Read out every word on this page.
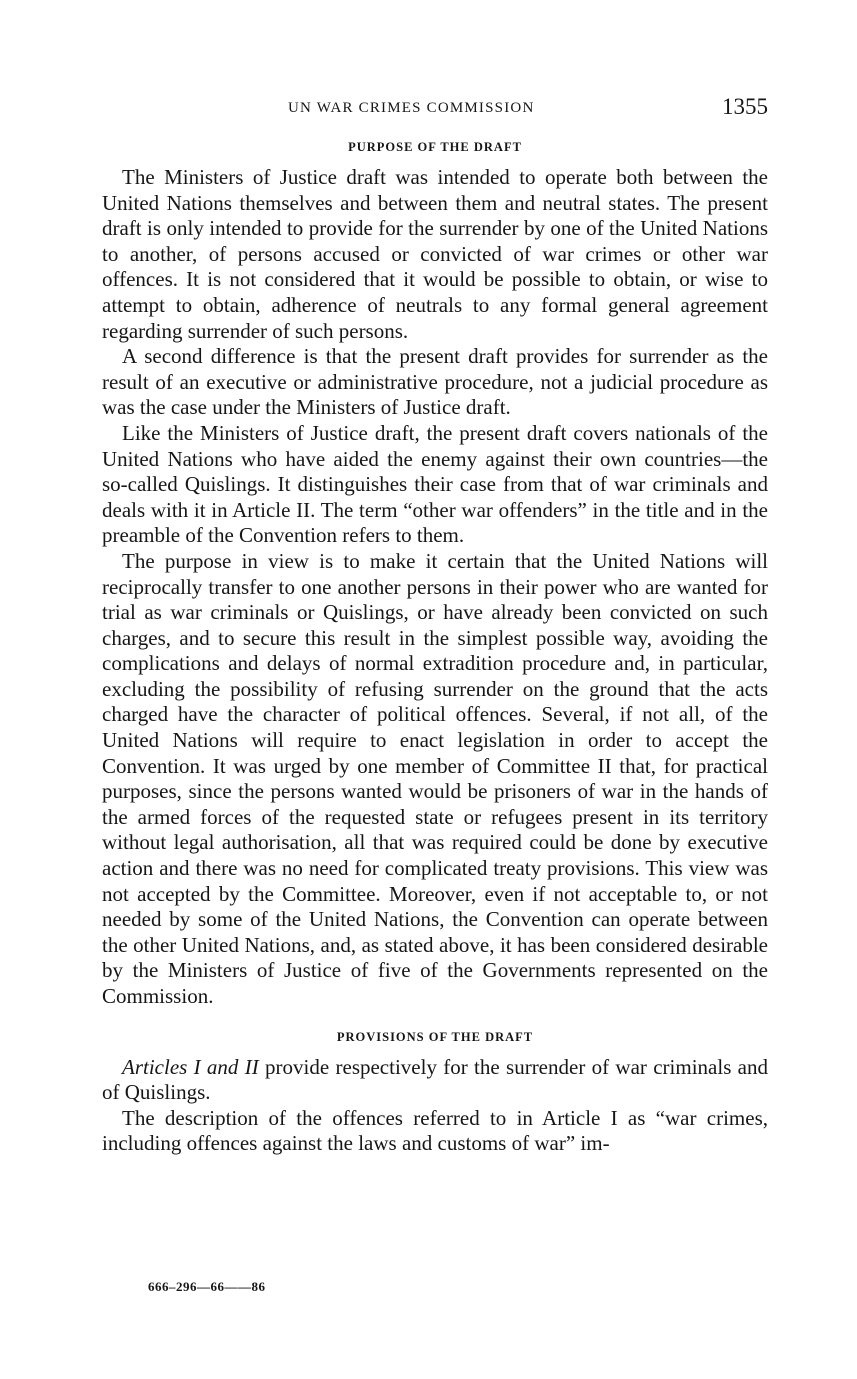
UN WAR CRIMES COMMISSION	1355
PURPOSE OF THE DRAFT

The Ministers of Justice draft was intended to operate both between the United Nations themselves and between them and neutral states. The present draft is only intended to provide for the surrender by one of the United Nations to another, of persons accused or convicted of war crimes or other war offences. It is not considered that it would be possible to obtain, or wise to attempt to obtain, adherence of neutrals to any formal general agreement regarding surrender of such persons.

A second difference is that the present draft provides for surrender as the result of an executive or administrative procedure, not a judicial procedure as was the case under the Ministers of Justice draft.

Like the Ministers of Justice draft, the present draft covers nationals of the United Nations who have aided the enemy against their own countries—the so-called Quislings. It distinguishes their case from that of war criminals and deals with it in Article II. The term “other war offenders” in the title and in the preamble of the Convention refers to them.

The purpose in view is to make it certain that the United Nations will reciprocally transfer to one another persons in their power who are wanted for trial as war criminals or Quislings, or have already been convicted on such charges, and to secure this result in the simplest possible way, avoiding the complications and delays of normal extradition procedure and, in particular, excluding the possibility of refusing surrender on the ground that the acts charged have the character of political offences. Several, if not all, of the United Nations will require to enact legislation in order to accept the Convention. It was urged by one member of Committee II that, for practical purposes, since the persons wanted would be prisoners of war in the hands of the armed forces of the requested state or refugees present in its territory without legal authorisation, all that was required could be done by executive action and there was no need for complicated treaty provisions. This view was not accepted by the Committee. Moreover, even if not acceptable to, or not needed by some of the United Nations, the Convention can operate between the other United Nations, and, as stated above, it has been considered desirable by the Ministers of Justice of five of the Governments represented on the Commission.

PROVISIONS OF THE DRAFT

Articles I and II provide respectively for the surrender of war criminals and of Quislings.

The description of the offences referred to in Article I as “war crimes, including offences against the laws and customs of war” im-

666–296—66——86
